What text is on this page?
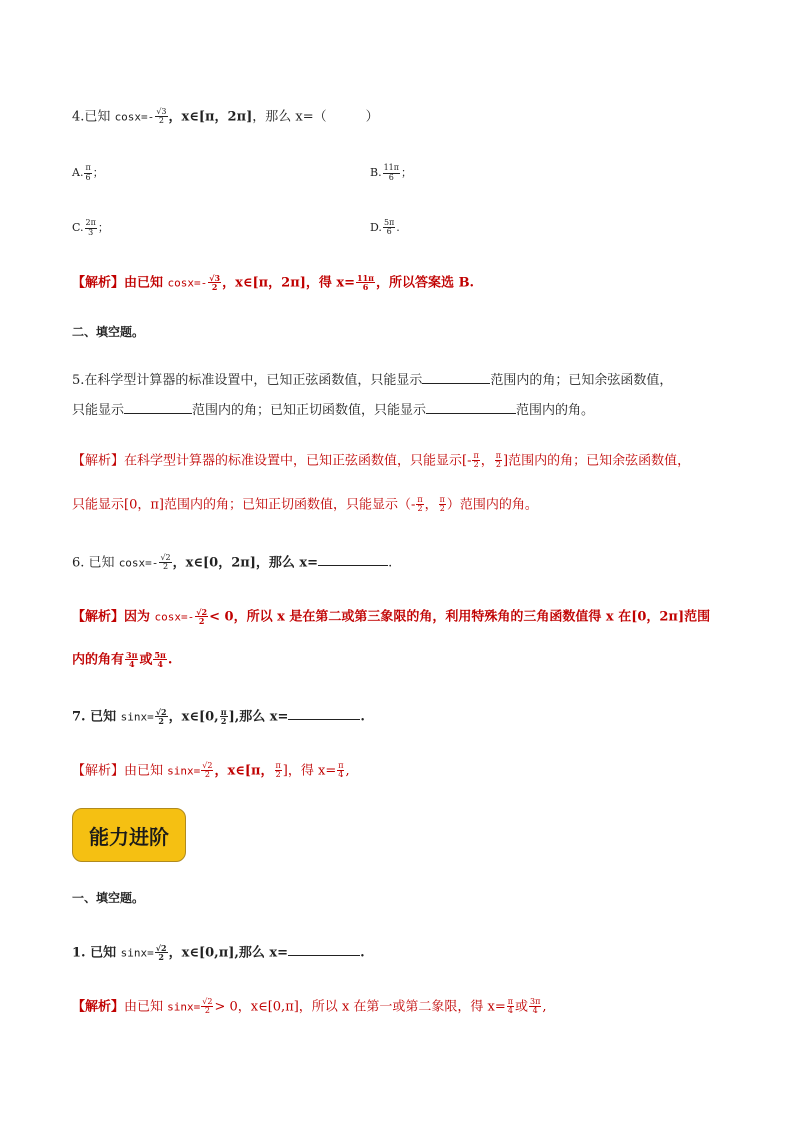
4.已知 $\cos x=- \frac{√3}{2}$ ，x∈[π，2π]，那么 x=（　　　）
A. $\frac{\pi}{6}$ ；	B. $\frac{11\pi}{6}$ ；
C. $\frac{2\pi}{3}$ ；	D. $\frac{5\pi}{6}$ .
【解析】由已知 $\cos x=- \frac{√3}{2}$ ，x∈[π，2π]，得 $x= \frac{11\pi}{6}$ ，所以答案选 B.
二、填空题。
5.在科学型计算器的标准设置中，已知正弦函数值，只能显示	范围内的角；已知余弦函数值，
只能显示	范围内的角；已知正切函数值，只能显示	范围内的角。
【解析】在科学型计算器的标准设置中，已知正弦函数值，只能显示[- $\frac{\pi}{2}$ ， $\frac{\pi}{2}$ ]范围内的角；已知余弦函数值，
只能显示[0，π]范围内的角；已知正切函数值，只能显示（- $\frac{\pi}{2}$ ， $\frac{\pi}{2}$ ）范围内的角。
6. 已知 $\cos x=- \frac{√2}{2}$ ，x∈[0，2π]，那么 x=	.
【解析】因为 $\cos x=- \frac{√2}{2} < 0$，所以 x 是在第二或第三象限的角，利用特殊角的三角函数值得 x 在[0，2π]范围
内的角有 $\frac{3\pi}{4}$ 或 $\frac{5\pi}{4}$ .
7. 已知 $\sin x= \frac{√2}{2}$ ，x∈[0, $\frac{\pi}{2}$ ],那么 x=	.
【解析】由已知 $\sin x= \frac{√2}{2}$ ，x∈[π， $\frac{\pi}{2}$ ]，得 $x= \frac{\pi}{4}$ ,
能力进阶
一、填空题。
1. 已知 $\sin x= \frac{√2}{2}$ ，x∈[0,π],那么 x=	.
【解析】由已知 $\sin x= \frac{√2}{2} > 0$，x∈[0,π]，所以 x 在第一或第二象限，得 $x= \frac{\pi}{4}$ 或 $\frac{3\pi}{4}$ ,
